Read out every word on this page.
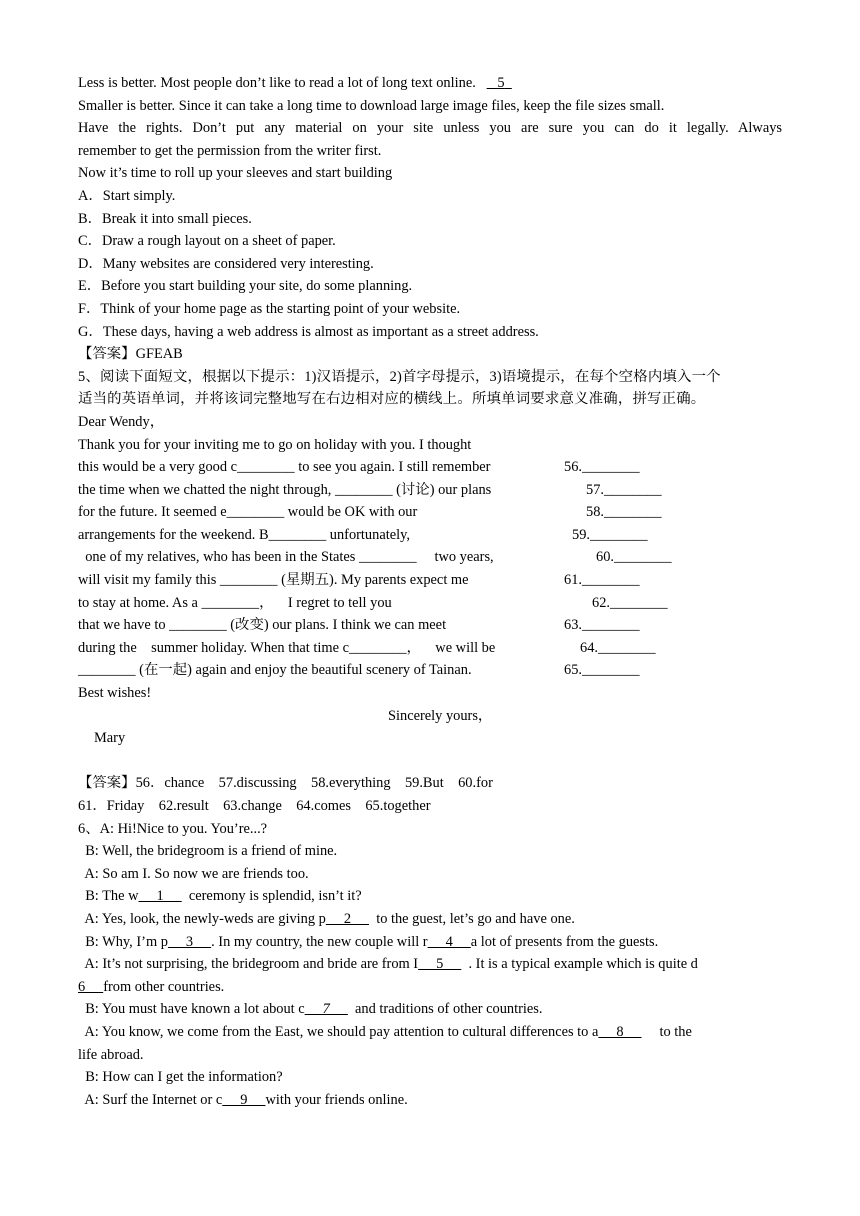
Less is better. Most people don’t like to read a lot of long text online. 5
Smaller is better. Since it can take a long time to download large image files, keep the file sizes small.
Have the rights. Don’t put any material on your site unless you are sure you can do it legally. Always
remember to get the permission from the writer first.
Now it’s time to roll up your sleeves and start building
A．Start simply.
B．Break it into small pieces.
C．Draw a rough layout on a sheet of paper.
D．Many websites are considered very interesting.
E．Before you start building your site, do some planning.
F．Think of your home page as the starting point of your website.
G．These days, having a web address is almost as important as a street address.
【答案】GFEAB
5、阅读下面短文，根据以下提示：1)汉语提示，2)首字母提示，3)语境提示，在每个空格内填入一个
适当的英语单词，并将该词完整地写在右边相对应的横线上。所填单词要求意义准确，拼写正确。
Dear Wendy，
Thank you for your inviting me to go on holiday with you. I thought
this would be a very good c________ to see you again. I still remember	56.________
the time when we chatted the night through, ________ (讨论) our plans	57.________
for the future. It seemed e________ would be OK with our	58.________
arrangements for the weekend. B________ unfortunately,	59.________
one of my relatives, who has been in the States ________     two years,	60.________
will visit my family this ________ (星期五). My parents expect me	61.________
to stay at home. As a ________，    I regret to tell you	62.________
that we have to ________ (改变) our plans. I think we can meet	63.________
during the    summer holiday. When that time c________，    we will be	64.________
________ (在一起) again and enjoy the beautiful scenery of Tainan.	65.________
Best wishes!
Sincerely yours，
Mary
【答案】56．chance    57.discussing    58.everything    59.But    60.for
61．Friday    62.result    63.change    64.comes    65.together
6、A: Hi!Nice to you. You’re...?
B: Well, the bridegroom is a friend of mine.
A: So am I. So now we are friends too.
B: The w     1       ceremony is splendid, isn’t it?
A: Yes, look, the newly-weds are giving p     2       to the guest, let’s go and have one.
B: Why, I’m p     3     . In my country, the new couple will r     4     a lot of presents from the guests.
A: It’s not surprising, the bridegroom and bride are from I     5       . It is a typical example which is quite d
6     from other countries.
B: You must have known a lot about c     7       and traditions of other countries.
A: You know, we come from the East, we should pay attention to cultural differences to a     8          to the
life abroad.
B: How can I get the information?
A: Surf the Internet or c     9     with your friends online.
